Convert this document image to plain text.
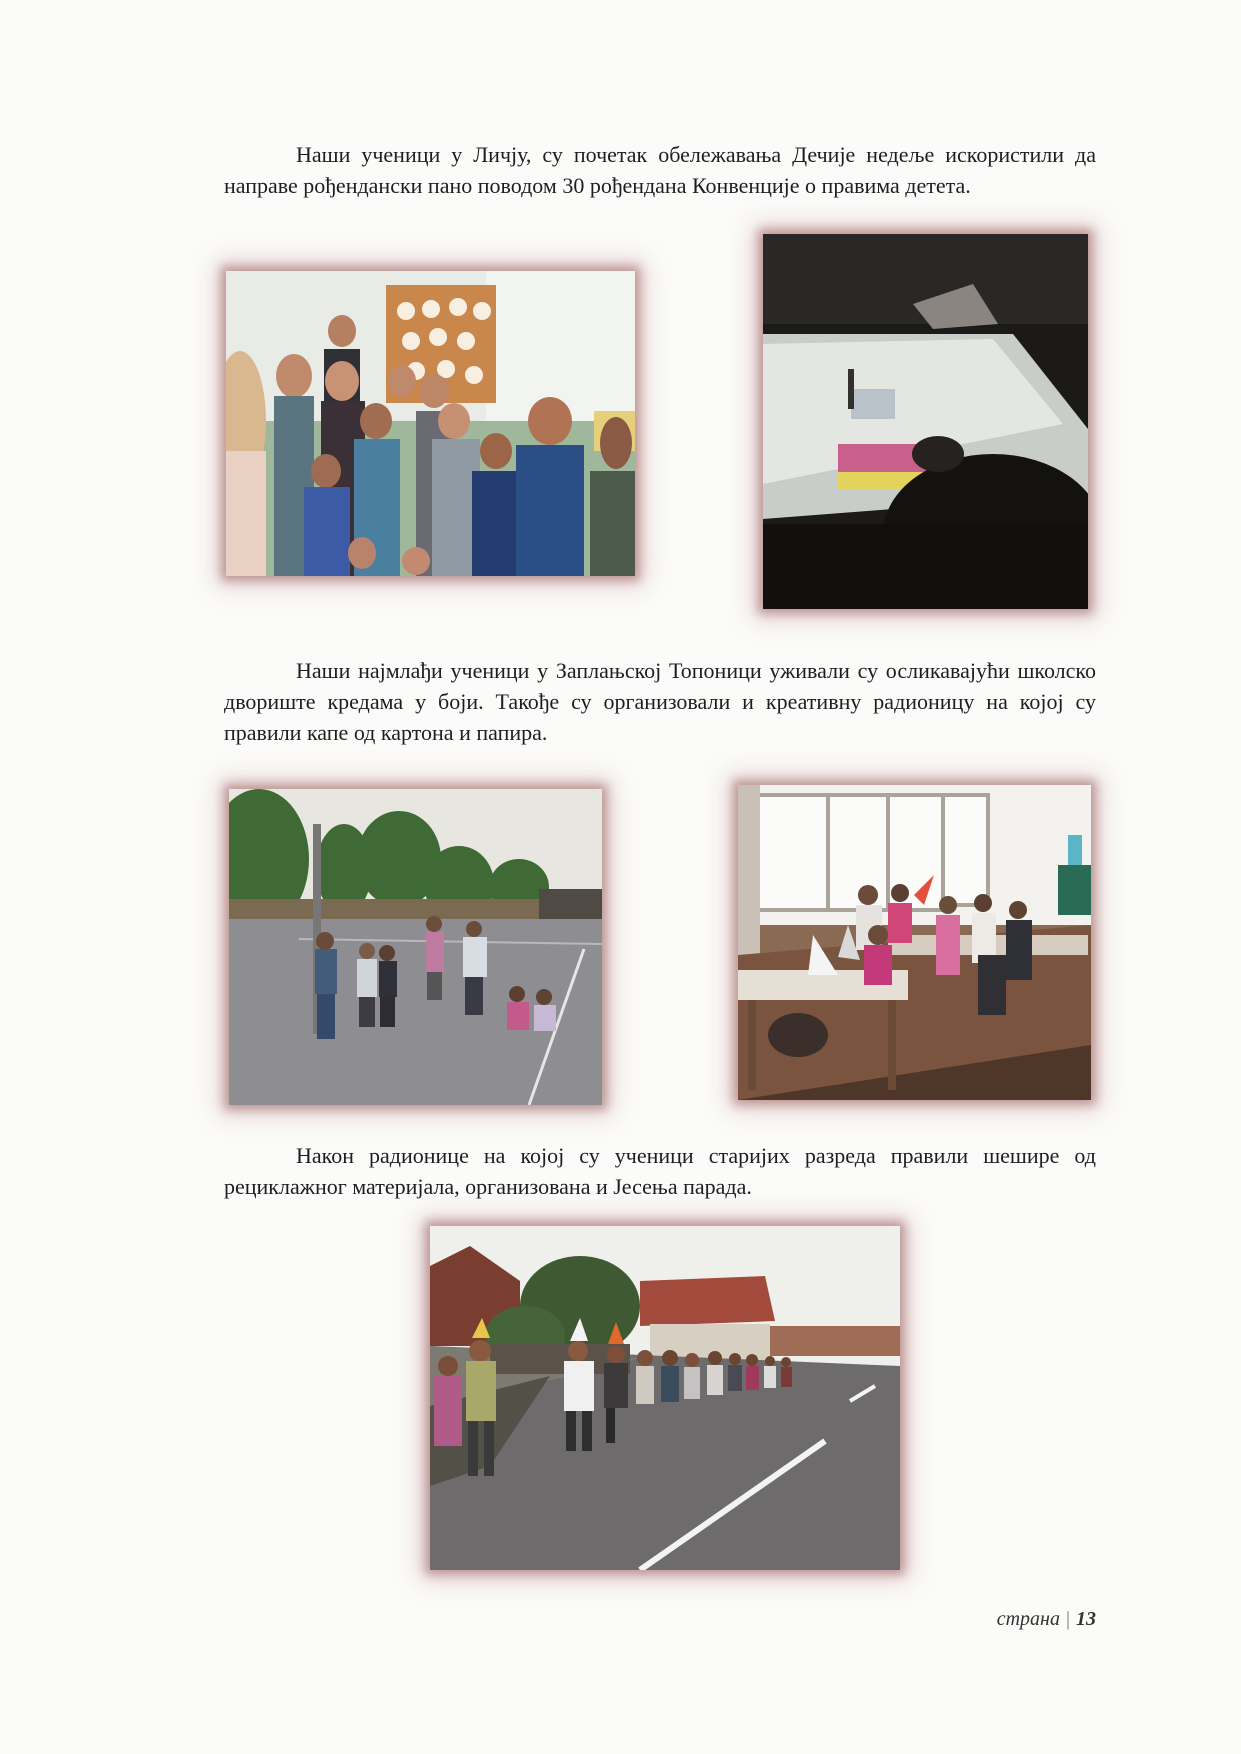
Наши ученици у Личју, су почетак обележавања Дечије недеље искористили да направе рођендански пано поводом 30 рођендана Конвенције о правима детета.

Наши најмлађи ученици у Заплањској Топоници уживали су осликавајући школско двориште кредама у боји. Такође су организовали и креативну радионицу на којој су правили капе од картона и папира.

Након радионице на којој су ученици старијих разреда правили шешире од рециклажног материјала, организована и Јесења парада.

страна | 13
